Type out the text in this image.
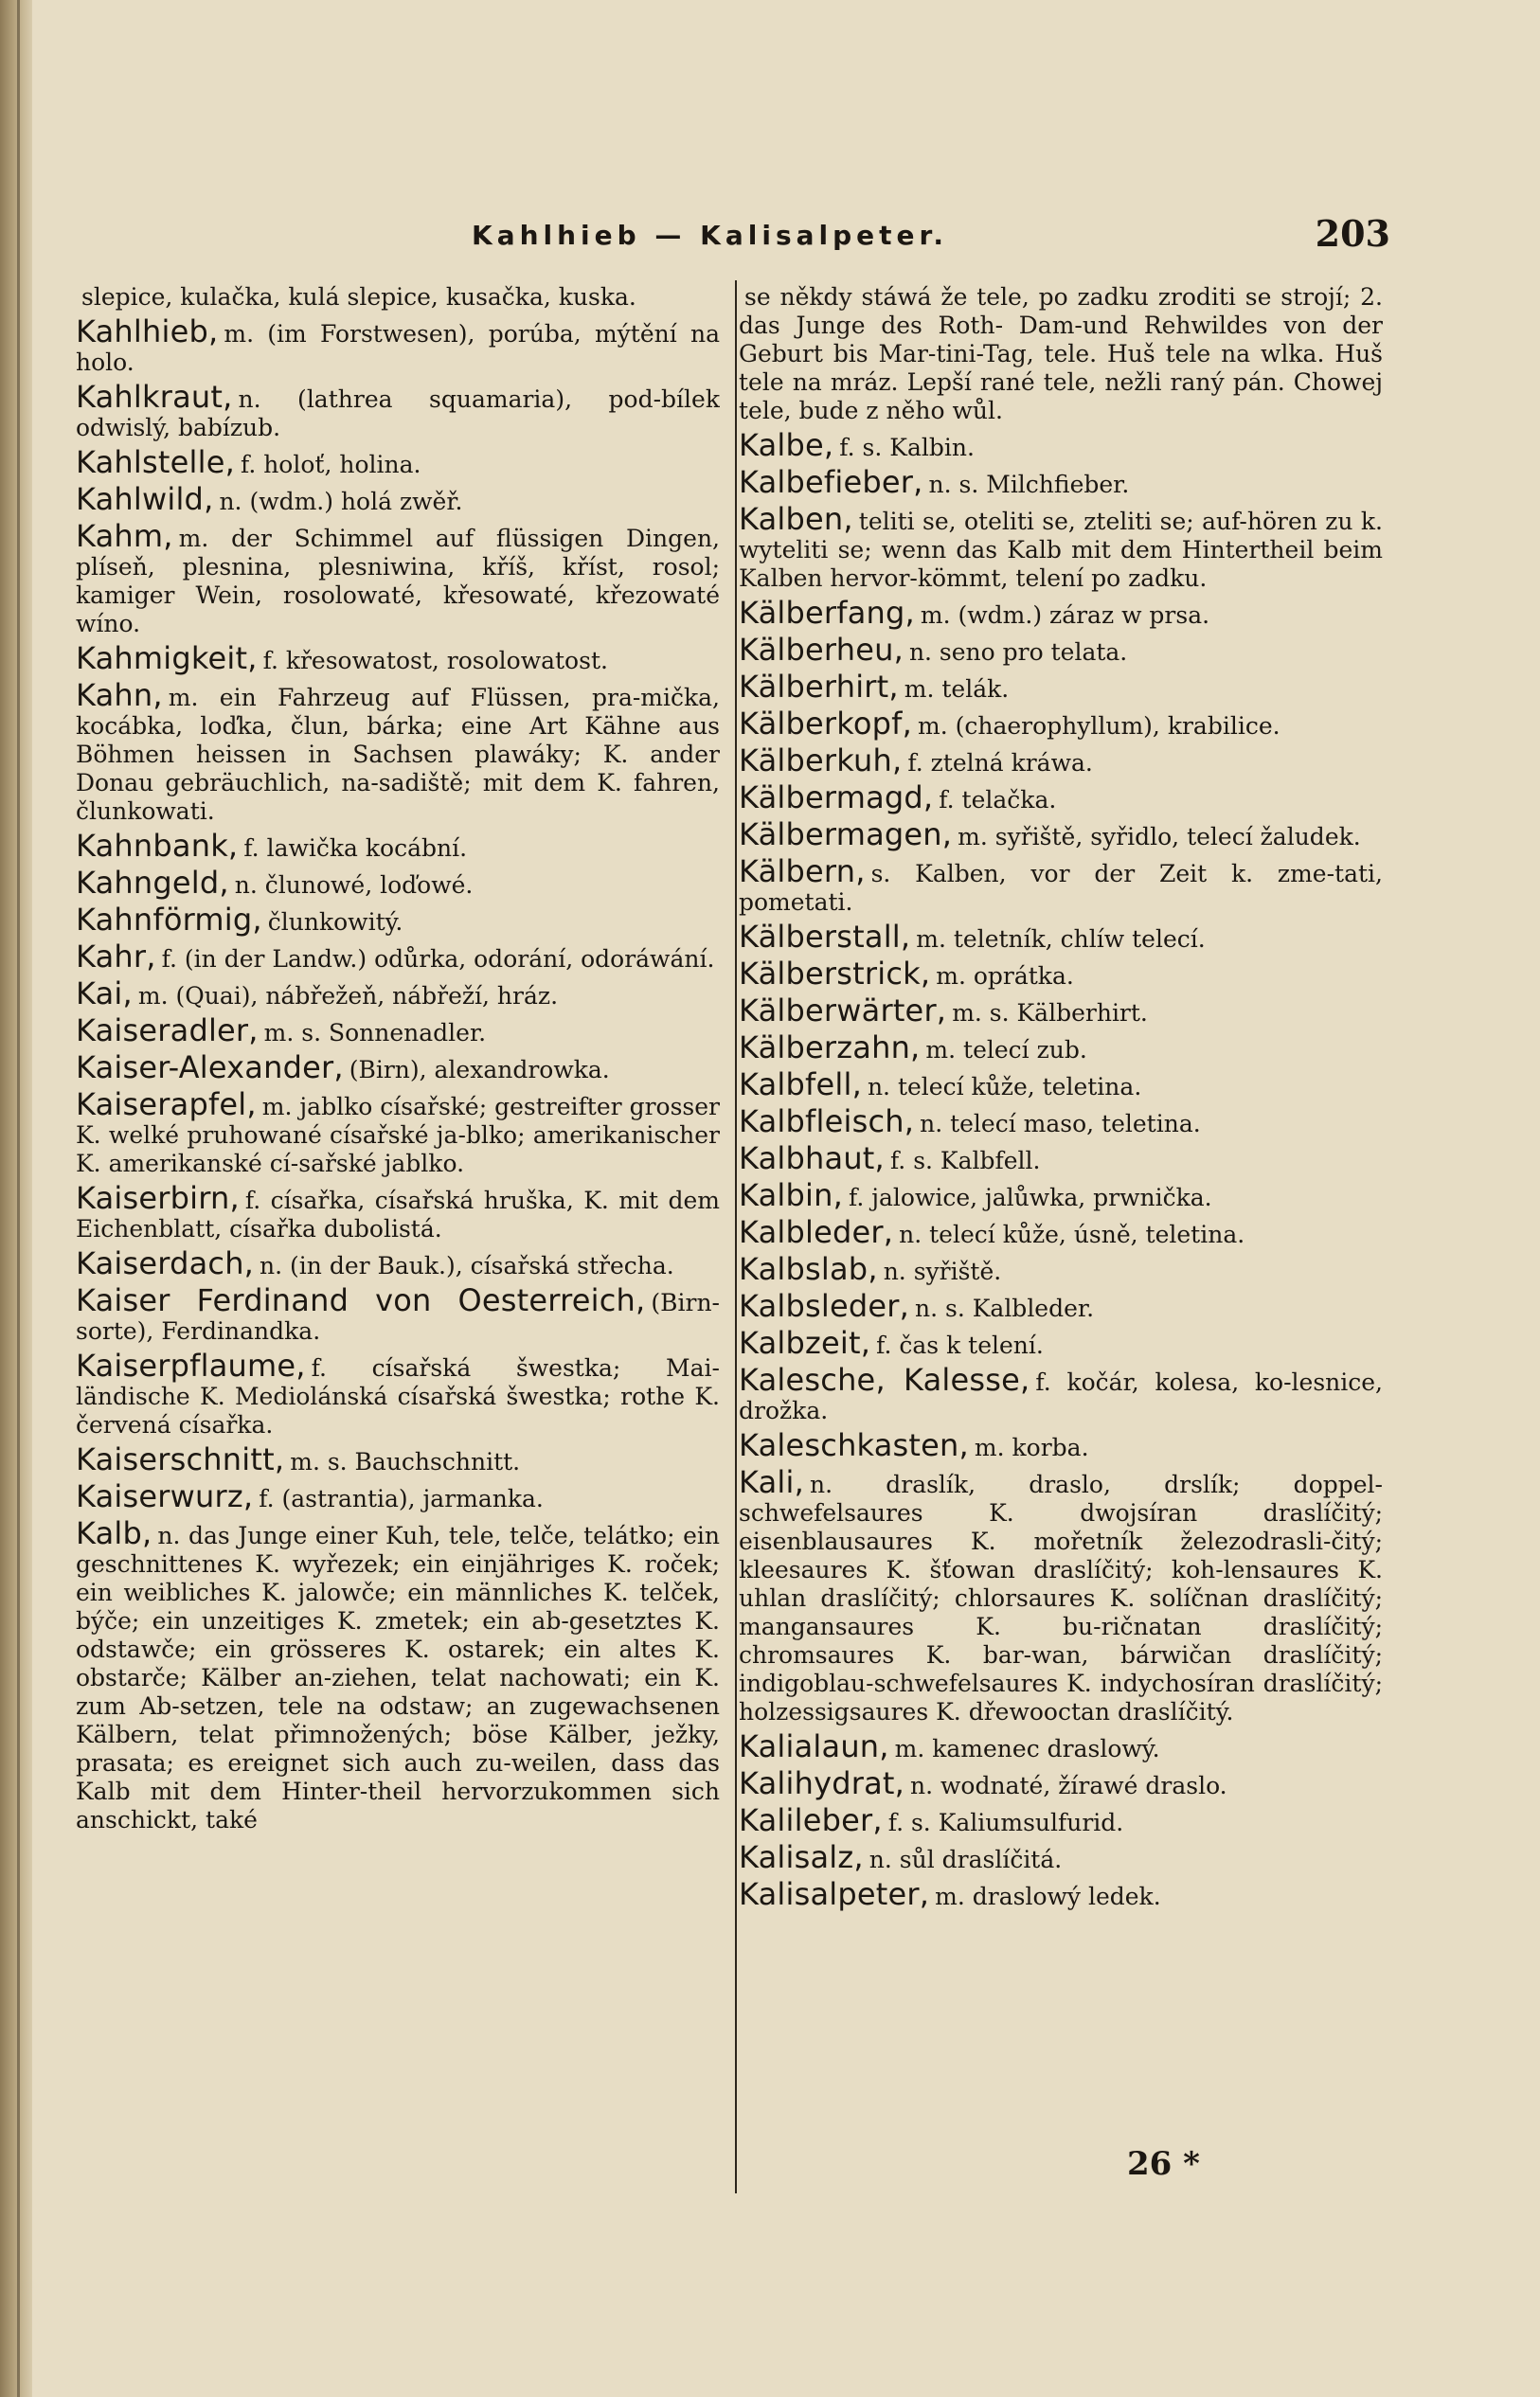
Kahlhieb — Kalisalpeter.	203
slepice, kulačka, kulá slepice, kusačka, kuska.
Kahlhieb, m. (im Forstwesen), porúba, mýtění na holo.
Kahlkraut, n. (lathrea squamaria), pod-bílek odwislý, babízub.
Kahlstelle, f. holoť, holina.
Kahlwild, n. (wdm.) holá zwěř.
Kahm, m. der Schimmel auf flüssigen Dingen, plíseň, plesnina, plesniwina, kříš, kříst, rosol; kamiger Wein, rosolowaté, křesowaté, křezowaté wíno.
Kahmigkeit, f. křesowatost, rosolowatost.
Kahn, m. ein Fahrzeug auf Flüssen, pra-mička, kocábka, loďka, člun, bárka; eine Art Kähne aus Böhmen heissen in Sachsen plawáky; K. ander Donau gebräuchlich, na-sadiště; mit dem K. fahren, člunkowati.
Kahnbank, f. lawička kocábní.
Kahngeld, n. člunowé, loďowé.
Kahnförmig, člunkowitý.
Kahr, f. (in der Landw.) odůrka, odorání, odoráwání.
Kai, m. (Quai), nábřežeň, nábřeží, hráz.
Kaiseradler, m. s. Sonnenadler.
Kaiser-Alexander, (Birn), alexandrowka.
Kaiserapfel, m. jablko císařské; gestreifter grosser K. welké pruhowané císařské ja-blko; amerikanischer K. amerikanské cí-sařské jablko.
Kaiserbirn, f. císařka, císařská hruška, K. mit dem Eichenblatt, císařka dubolistá.
Kaiserdach, n. (in der Bauk.), císařská střecha.
Kaiser Ferdinand von Oesterreich, (Birn-sorte), Ferdinandka.
Kaiserpflaume, f. císařská šwestka; Mai-ländische K. Mediolánská císařská šwestka; rothe K. červená císařka.
Kaiserschnitt, m. s. Bauchschnitt.
Kaiserwurz, f. (astrantia), jarmanka.
Kalb, n. das Junge einer Kuh, tele, telče, telátko; ein geschnittenes K. wyřezek; ein einjähriges K. roček; ein weibliches K. jalowče; ein männliches K. telček, býče; ein unzeitiges K. zmetek; ein ab-gesetztes K. odstawče; ein grösseres K. ostarek; ein altes K. obstarče; Kälber an-ziehen, telat nachowati; ein K. zum Ab-setzen, tele na odstaw; an zugewachsenen Kälbern, telat přimnožených; böse Kälber, ježky, prasata; es ereignet sich auch zu-weilen, dass das Kalb mit dem Hinter-theil hervorzukommen sich anschickt, také
se někdy stáwá že tele, po zadku zroditi se strojí; 2. das Junge des Roth- Dam-und Rehwildes von der Geburt bis Mar-tini-Tag, tele. Huš tele na wlka. Huš tele na mráz. Lepší rané tele, nežli raný pán. Chowej tele, bude z něho wůl.
Kalbe, f. s. Kalbin.
Kalbefieber, n. s. Milchfieber.
Kalben, teliti se, oteliti se, zteliti se; auf-hören zu k. wyteliti se; wenn das Kalb mit dem Hintertheil beim Kalben hervor-kömmt, telení po zadku.
Kälberfang, m. (wdm.) záraz w prsa.
Kälberheu, n. seno pro telata.
Kälberhirt, m. telák.
Kälberkopf, m. (chaerophyllum), krabilice.
Kälberkuh, f. ztelná kráwa.
Kälbermagd, f. telačka.
Kälbermagen, m. syřiště, syřidlo, telecí žaludek.
Kälbern, s. Kalben, vor der Zeit k. zme-tati, pometati.
Kälberstall, m. teletník, chlíw telecí.
Kälberstrick, m. oprátka.
Kälberwärter, m. s. Kälberhirt.
Kälberzahn, m. telecí zub.
Kalbfell, n. telecí kůže, teletina.
Kalbfleisch, n. telecí maso, teletina.
Kalbhaut, f. s. Kalbfell.
Kalbin, f. jalowice, jalůwka, prwnička.
Kalbleder, n. telecí kůže, úsně, teletina.
Kalbslab, n. syřiště.
Kalbsleder, n. s. Kalbleder.
Kalbzeit, f. čas k telení.
Kalesche, Kalesse, f. kočár, kolesa, ko-lesnice, drožka.
Kaleschkasten, m. korba.
Kali, n. draslík, draslo, drslík; doppel-schwefelsaures K. dwojsíran draslíčitý; eisenblausaures K. mořetník železodrasli-čitý; kleesaures K. šťowan draslíčitý; koh-lensaures K. uhlan draslíčitý; chlorsaures K. solíčnan draslíčitý; mangansaures K. bu-ričnatan draslíčitý; chromsaures K. bar-wan, bárwičan draslíčitý; indigoblau-schwefelsaures K. indychosíran draslíčitý; holzessigsaures K. dřewooctan draslíčitý.
Kalialaun, m. kamenec draslowý.
Kalihydrat, n. wodnaté, žírawé draslo.
Kalileber, f. s. Kaliumsulfurid.
Kalisalz, n. sůl draslíčitá.
Kalisalpeter, m. draslowý ledek.
26 *
